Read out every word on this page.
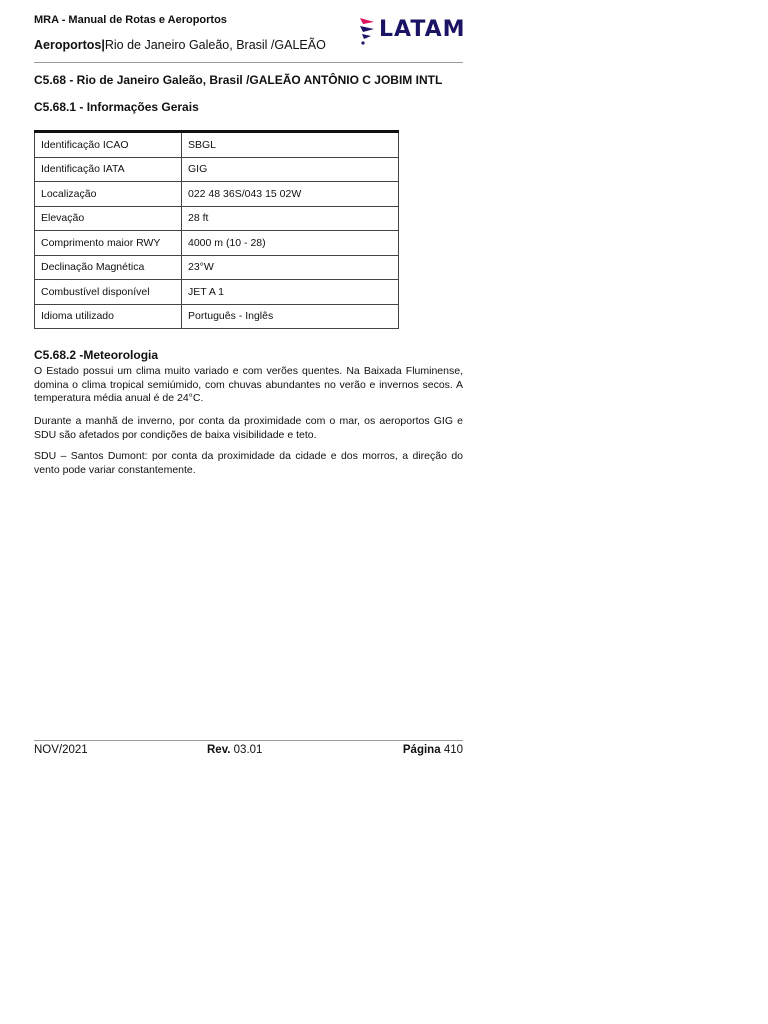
MRA - Manual de Rotas e Aeroportos
Aeroportos|Rio de Janeiro Galeão, Brasil /GALEÃO
LATAM
C5.68 - Rio de Janeiro Galeão, Brasil /GALEÃO ANTÔNIO C JOBIM INTL
C5.68.1 - Informações Gerais
Identificação ICAO	SBGL
Identificação IATA	GIG
Localização	022 48 36S/043 15 02W
Elevação	28 ft
Comprimento maior RWY	4000 m (10 - 28)
Declinação Magnética	23°W
Combustível disponível	JET A 1
Idioma utilizado	Português - Inglês
C5.68.2 -Meteorologia

O Estado possui um clima muito variado e com verões quentes. Na Baixada Fluminense, domina o clima tropical semiúmido, com chuvas abundantes no verão e invernos secos. A temperatura média anual é de 24°C.

Durante a manhã de inverno, por conta da proximidade com o mar, os aeroportos GIG e SDU são afetados por condições de baixa visibilidade e teto.

SDU – Santos Dumont: por conta da proximidade da cidade e dos morros, a direção do vento pode variar constantemente.

NOV/2021	Rev. 03.01	Página 410
